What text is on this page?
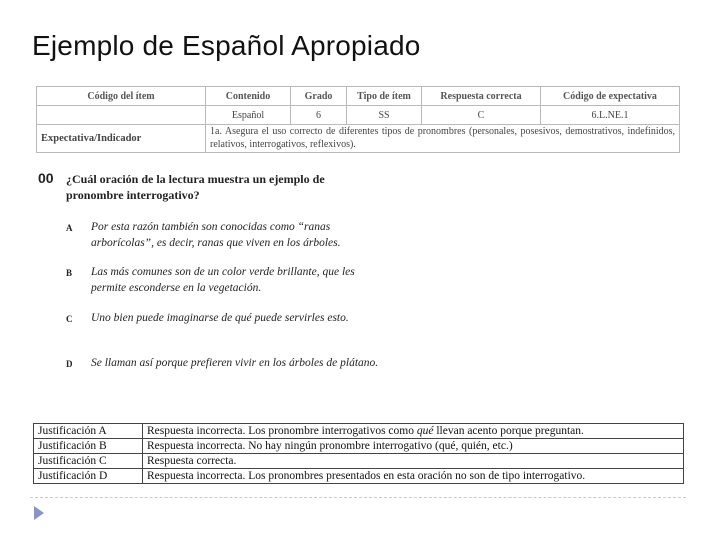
Ejemplo de Español Apropiado
Código del ítem	Contenido	Grado	Tipo de ítem	Respuesta correcta	Código de expectativa
	Español	6	SS	C	6.L.NE.1
Expectativa/Indicador	1a. Asegura el uso correcto de diferentes tipos de pronombres (personales, posesivos, demostrativos, indefinidos, relativos, interrogativos, reflexivos).				
00 ¿Cuál oración de la lectura muestra un ejemplo de pronombre interrogativo?
A Por esta razón también son conocidas como “ranas arborícolas”, es decir, ranas que viven en los árboles.
B Las más comunes son de un color verde brillante, que les permite esconderse en la vegetación.
C Uno bien puede imaginarse de qué puede servirles esto.
D Se llaman así porque prefieren vivir en los árboles de plátano.
Justificación A	Respuesta incorrecta. Los pronombre interrogativos como qué llevan acento porque preguntan.
Justificación B	Respuesta incorrecta. No hay ningún pronombre interrogativo (qué, quién, etc.)
Justificación C	Respuesta correcta.
Justificación D	Respuesta incorrecta. Los pronombres presentados en esta oración no son de tipo interrogativo.
